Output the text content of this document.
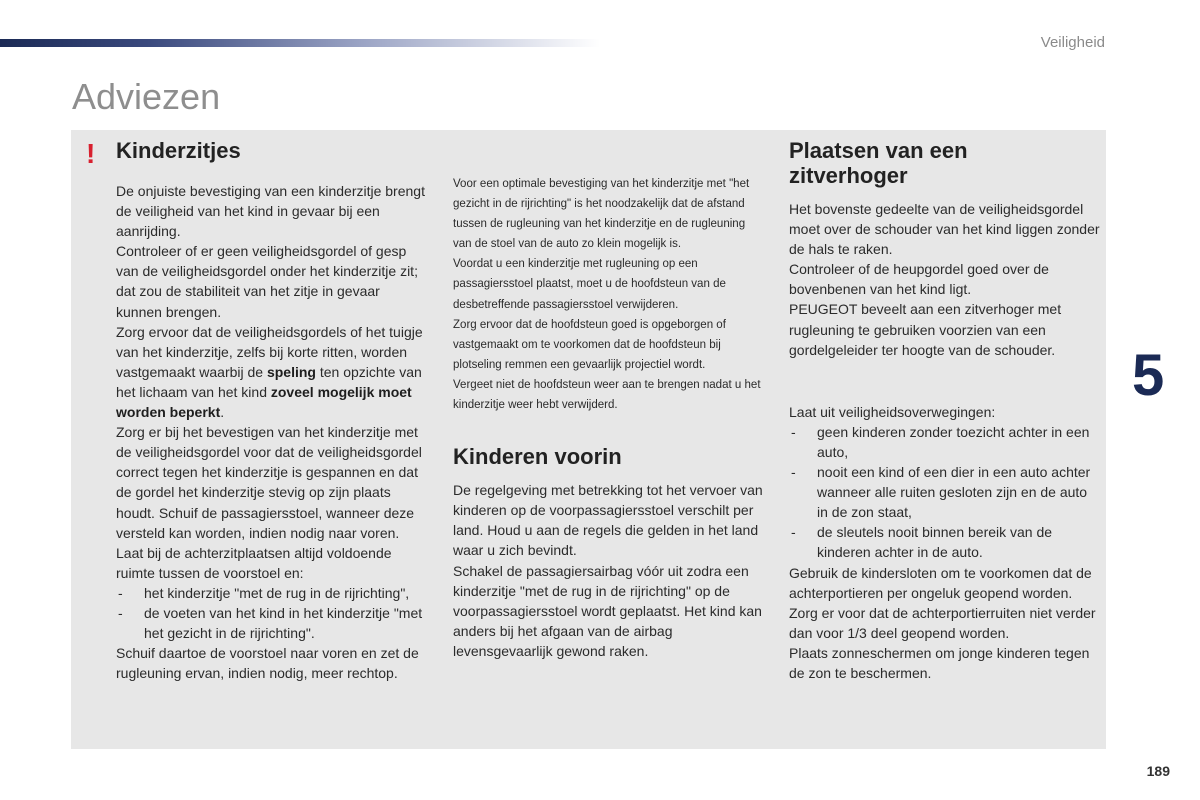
Veiligheid
Adviezen
! Kinderzitjes
De onjuiste bevestiging van een kinderzitje brengt de veiligheid van het kind in gevaar bij een aanrijding.
Controleer of er geen veiligheidsgordel of gesp van de veiligheidsgordel onder het kinderzitje zit; dat zou de stabiliteit van het zitje in gevaar kunnen brengen.
Zorg ervoor dat de veiligheidsgordels of het tuigje van het kinderzitje, zelfs bij korte ritten, worden vastgemaakt waarbij de speling ten opzichte van het lichaam van het kind zoveel mogelijk moet worden beperkt.
Zorg er bij het bevestigen van het kinderzitje met de veiligheidsgordel voor dat de veiligheidsgordel correct tegen het kinderzitje is gespannen en dat de gordel het kinderzitje stevig op zijn plaats houdt. Schuif de passagiersstoel, wanneer deze versteld kan worden, indien nodig naar voren.
Laat bij de achterzitplaatsen altijd voldoende ruimte tussen de voorstoel en:
- het kinderzitje "met de rug in de rijrichting",
- de voeten van het kind in het kinderzitje "met het gezicht in de rijrichting".
Schuif daartoe de voorstoel naar voren en zet de rugleuning ervan, indien nodig, meer rechtop.
Voor een optimale bevestiging van het kinderzitje met "het gezicht in de rijrichting" is het noodzakelijk dat de afstand tussen de rugleuning van het kinderzitje en de rugleuning van de stoel van de auto zo klein mogelijk is.
Voordat u een kinderzitje met rugleuning op een passagiersstoel plaatst, moet u de hoofdsteun van de desbetreffende passagiersstoel verwijderen.
Zorg ervoor dat de hoofdsteun goed is opgeborgen of vastgemaakt om te voorkomen dat de hoofdsteun bij plotseling remmen een gevaarlijk projectiel wordt.
Vergeet niet de hoofdsteun weer aan te brengen nadat u het kinderzitje weer hebt verwijderd.
Kinderen voorin
De regelgeving met betrekking tot het vervoer van kinderen op de voorpassagiersstoel verschilt per land. Houd u aan de regels die gelden in het land waar u zich bevindt.
Schakel de passagiersairbag vóór uit zodra een kinderzitje "met de rug in de rijrichting" op de voorpassagiersstoel wordt geplaatst. Het kind kan anders bij het afgaan van de airbag levensgevaarlijk gewond raken.
Plaatsen van een zitverhoger
Het bovenste gedeelte van de veiligheidsgordel moet over de schouder van het kind liggen zonder de hals te raken.
Controleer of de heupgordel goed over de bovenbenen van het kind ligt.
PEUGEOT beveelt aan een zitverhoger met rugleuning te gebruiken voorzien van een gordelgeleider ter hoogte van de schouder.
Laat uit veiligheidsoverwegingen:
- geen kinderen zonder toezicht achter in een auto,
- nooit een kind of een dier in een auto achter wanneer alle ruiten gesloten zijn en de auto in de zon staat,
- de sleutels nooit binnen bereik van de kinderen achter in de auto.
Gebruik de kindersloten om te voorkomen dat de achterportieren per ongeluk geopend worden.
Zorg er voor dat de achterportierruiten niet verder dan voor 1/3 deel geopend worden.
Plaats zonneschermen om jonge kinderen tegen de zon te beschermen.
5
189
